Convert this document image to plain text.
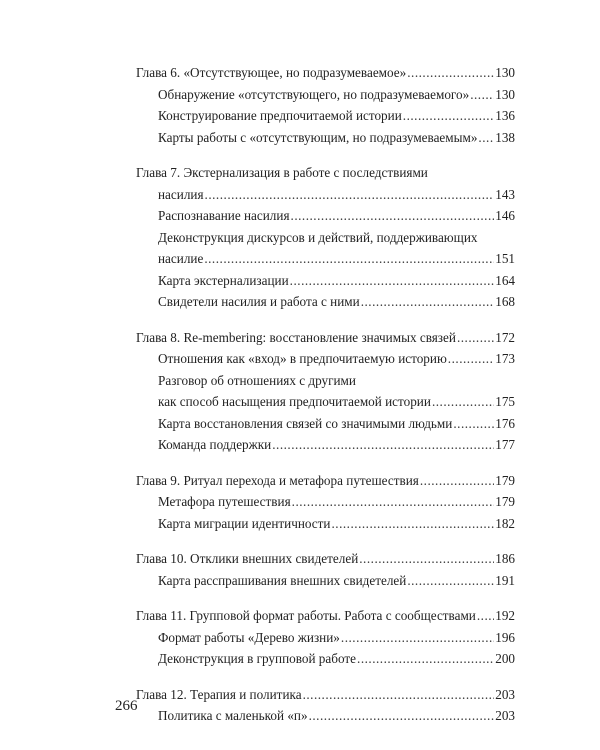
Глава 6. «Отсутствующее, но подразумеваемое» .....	130
Обнаружение «отсутствующего, но подразумеваемого» ..... 130
Конструирование предпочитаемой истории .....	136
Карты работы с «отсутствующим, но подразумеваемым» ..... 138
Глава 7. Экстернализация в работе с последствиями
насилия .....	143
Распознавание насилия .....	146
Деконструкция дискурсов и действий, поддерживающих
насилие .....	151
Карта экстернализации .....	164
Свидетели насилия и работа с ними .....	168
Глава 8. Re-membering: восстановление значимых связей .....	172
Отношения как «вход» в предпочитаемую историю .....	173
Разговор об отношениях с другими
как способ насыщения предпочитаемой истории .....	175
Карта восстановления связей со значимыми людьми .....	176
Команда поддержки .....	177
Глава 9. Ритуал перехода и метафора путешествия .....	179
Метафора путешествия .....	179
Карта миграции идентичности .....	182
Глава 10. Отклики внешних свидетелей .....	186
Карта расспрашивания внешних свидетелей .....	191
Глава 11. Групповой формат работы. Работа с сообществами ..... 192
Формат работы «Дерево жизни» .....	196
Деконструкция в групповой работе .....	200
Глава 12. Терапия и политика .....	203
Политика с маленькой «п» .....	203
266
